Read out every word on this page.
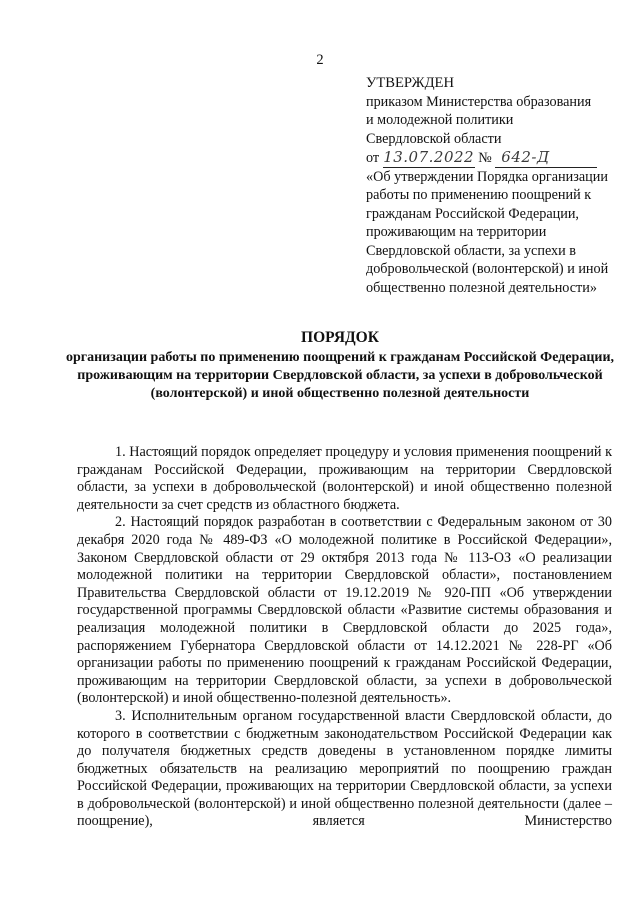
2
УТВЕРЖДЕН
приказом Министерства образования
и молодежной политики
Свердловской области
от 13.07.2022 № 642-Д
«Об утверждении Порядка организации работы по применению поощрений к гражданам Российской Федерации, проживающим на территории Свердловской области, за успехи в добровольческой (волонтерской) и иной общественно полезной деятельности»
ПОРЯДОК
организации работы по применению поощрений к гражданам Российской Федерации, проживающим на территории Свердловской области, за успехи в добровольческой (волонтерской) и иной общественно полезной деятельности

1. Настоящий порядок определяет процедуру и условия применения поощрений к гражданам Российской Федерации, проживающим на территории Свердловской области, за успехи в добровольческой (волонтерской) и иной общественно полезной деятельности за счет средств из областного бюджета.

2. Настоящий порядок разработан в соответствии с Федеральным законом от 30 декабря 2020 года № 489-ФЗ «О молодежной политике в Российской Федерации», Законом Свердловской области от 29 октября 2013 года № 113-ОЗ «О реализации молодежной политики на территории Свердловской области», постановлением Правительства Свердловской области от 19.12.2019 № 920-ПП «Об утверждении государственной программы Свердловской области «Развитие системы образования и реализация молодежной политики в Свердловской области до 2025 года», распоряжением Губернатора Свердловской области от 14.12.2021 № 228-РГ «Об организации работы по применению поощрений к гражданам Российской Федерации, проживающим на территории Свердловской области, за успехи в добровольческой (волонтерской) и иной общественно-полезной деятельность».

3. Исполнительным органом государственной власти Свердловской области, до которого в соответствии с бюджетным законодательством Российской Федерации как до получателя бюджетных средств доведены в установленном порядке лимиты бюджетных обязательств на реализацию мероприятий по поощрению граждан Российской Федерации, проживающих на территории Свердловской области, за успехи в добровольческой (волонтерской) и иной общественно полезной деятельности (далее – поощрение), является Министерство
